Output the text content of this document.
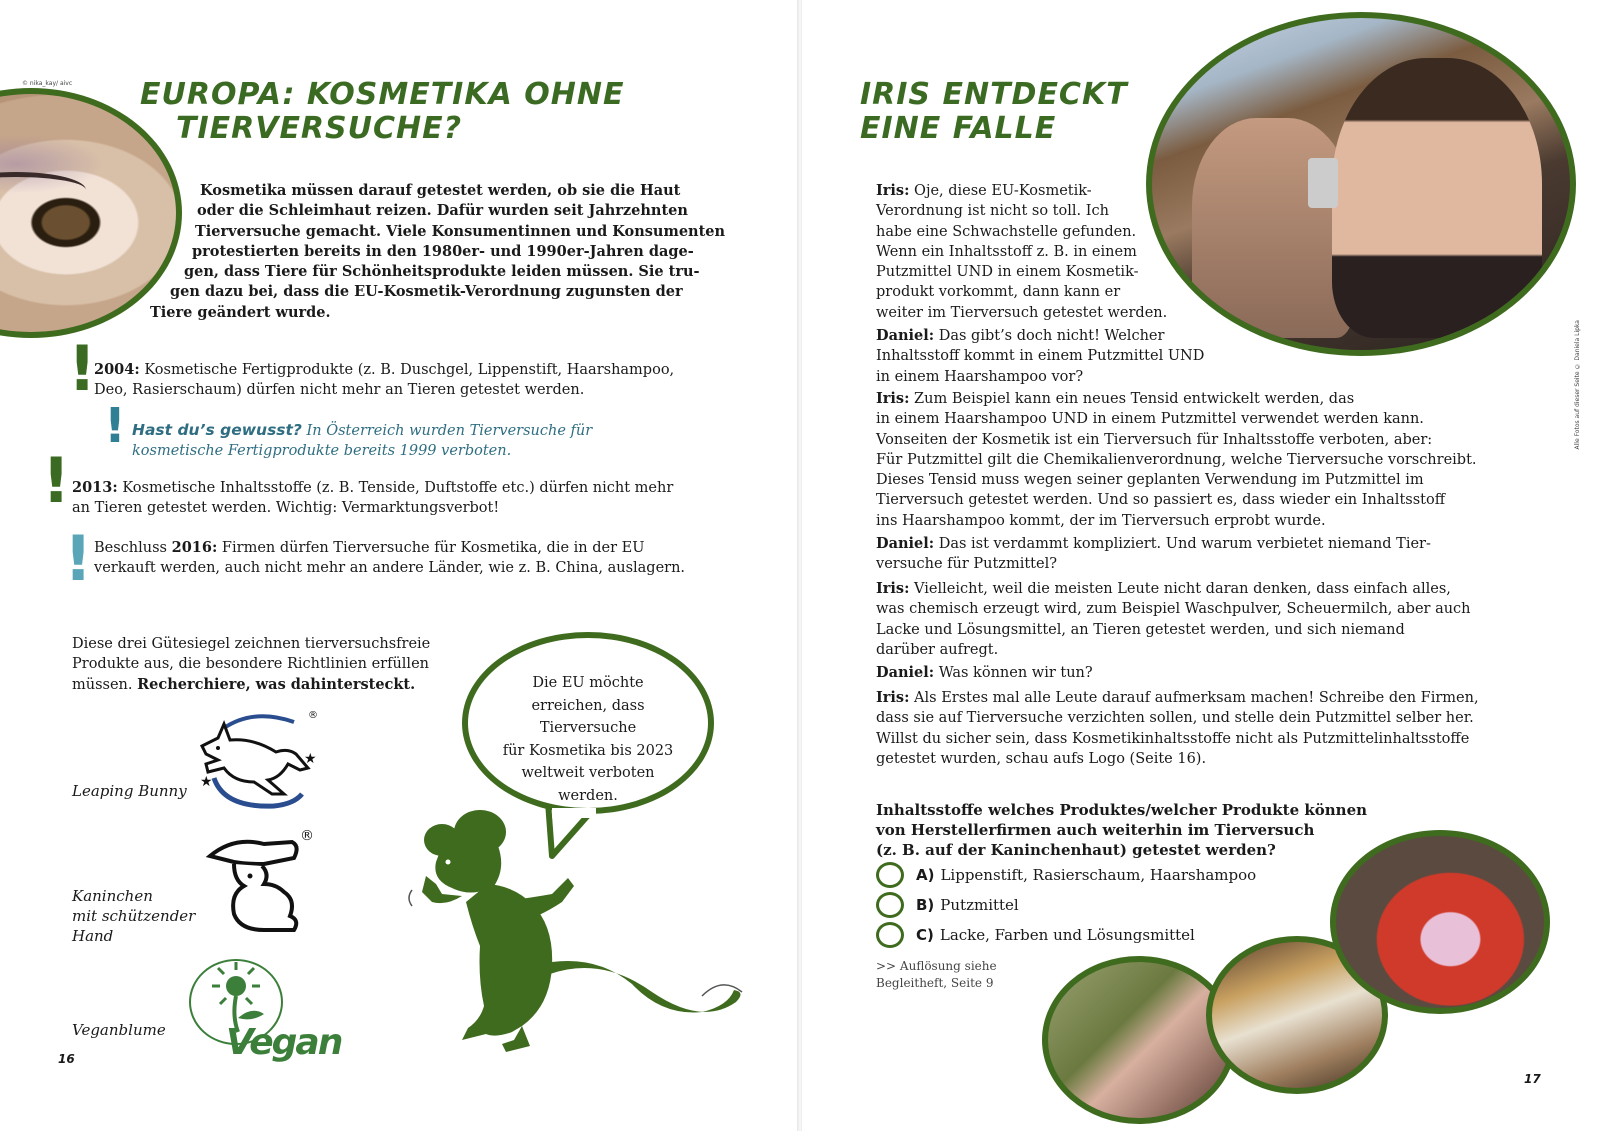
© nika_kay/ aivc EUROPA: KOSMETIKA OHNE
TIERVERSUCHE?
Kosmetika müssen darauf getestet werden, ob sie die Haut
oder die Schleimhaut reizen. Dafür wurden seit Jahrzehnten
Tierversuche gemacht. Viele Konsumentinnen und Konsumenten
protestierten bereits in den 1980er- und 1990er-Jahren dage-
gen, dass Tiere für Schönheitsprodukte leiden müssen. Sie tru-
gen dazu bei, dass die EU-Kosmetik-Verordnung zugunsten der
Tiere geändert wurde.
!
2004: Kosmetische Fertigprodukte (z. B. Duschgel, Lippenstift, Haarshampoo,
Deo, Rasierschaum) dürfen nicht mehr an Tieren getestet werden.
! Hast du’s gewusst? In Österreich wurden Tierversuche für
kosmetische Fertigprodukte bereits 1999 verboten.
! 2013: Kosmetische Inhaltsstoffe (z. B. Tenside, Duftstoffe etc.) dürfen nicht mehr
an Tieren getestet werden. Wichtig: Vermarktungsverbot!
! Beschluss 2016: Firmen dürfen Tierversuche für Kosmetika, die in der EU
verkauft werden, auch nicht mehr an andere Länder, wie z. B. China, auslagern.
Diese drei Gütesiegel zeichnen tierversuchsfreie
Produkte aus, die besondere Richtlinien erfüllen
müssen. Recherchiere, was dahintersteckt.
Leaping Bunny
★
★
®
Kaninchen
mit schützender
Hand
®
Veganblume Vegan
Die EU möchte
erreichen, dass Tierversuche
für Kosmetika bis 2023
weltweit verboten
werden.
16
IRIS ENTDECKT
EINE FALLE
Alle Fotos auf dieser Seite © Daniela Lipka
Iris: Oje, diese EU-Kosmetik-
Verordnung ist nicht so toll. Ich
habe eine Schwachstelle gefunden.
Wenn ein Inhaltsstoff z. B. in einem
Putzmittel UND in einem Kosmetik-
produkt vorkommt, dann kann er
weiter im Tierversuch getestet werden.
Daniel: Das gibt’s doch nicht! Welcher
Inhaltsstoff kommt in einem Putzmittel UND
in einem Haarshampoo vor?
Iris: Zum Beispiel kann ein neues Tensid entwickelt werden, das
in einem Haarshampoo UND in einem Putzmittel verwendet werden kann.
Vonseiten der Kosmetik ist ein Tierversuch für Inhaltsstoffe verboten, aber:
Für Putzmittel gilt die Chemikalienverordnung, welche Tierversuche vorschreibt.
Dieses Tensid muss wegen seiner geplanten Verwendung im Putzmittel im
Tierversuch getestet werden. Und so passiert es, dass wieder ein Inhaltsstoff
ins Haarshampoo kommt, der im Tierversuch erprobt wurde.
Daniel: Das ist verdammt kompliziert. Und warum verbietet niemand Tier-
versuche für Putzmittel?
Iris: Vielleicht, weil die meisten Leute nicht daran denken, dass einfach alles,
was chemisch erzeugt wird, zum Beispiel Waschpulver, Scheuermilch, aber auch
Lacke und Lösungsmittel, an Tieren getestet werden, und sich niemand
darüber aufregt.
Daniel: Was können wir tun?
Iris: Als Erstes mal alle Leute darauf aufmerksam machen! Schreibe den Firmen,
dass sie auf Tierversuche verzichten sollen, und stelle dein Putzmittel selber her.
Willst du sicher sein, dass Kosmetikinhaltsstoffe nicht als Putzmittelinhaltsstoffe
getestet wurden, schau aufs Logo (Seite 16).
Inhaltsstoffe welches Produktes/welcher Produkte können
von Herstellerfirmen auch weiterhin im Tierversuch
(z. B. auf der Kaninchenhaut) getestet werden?
A) Lippenstift, Rasierschaum, Haarshampoo
B) Putzmittel
C) Lacke, Farben und Lösungsmittel
>> Auflösung siehe
Begleitheft, Seite 9
17
